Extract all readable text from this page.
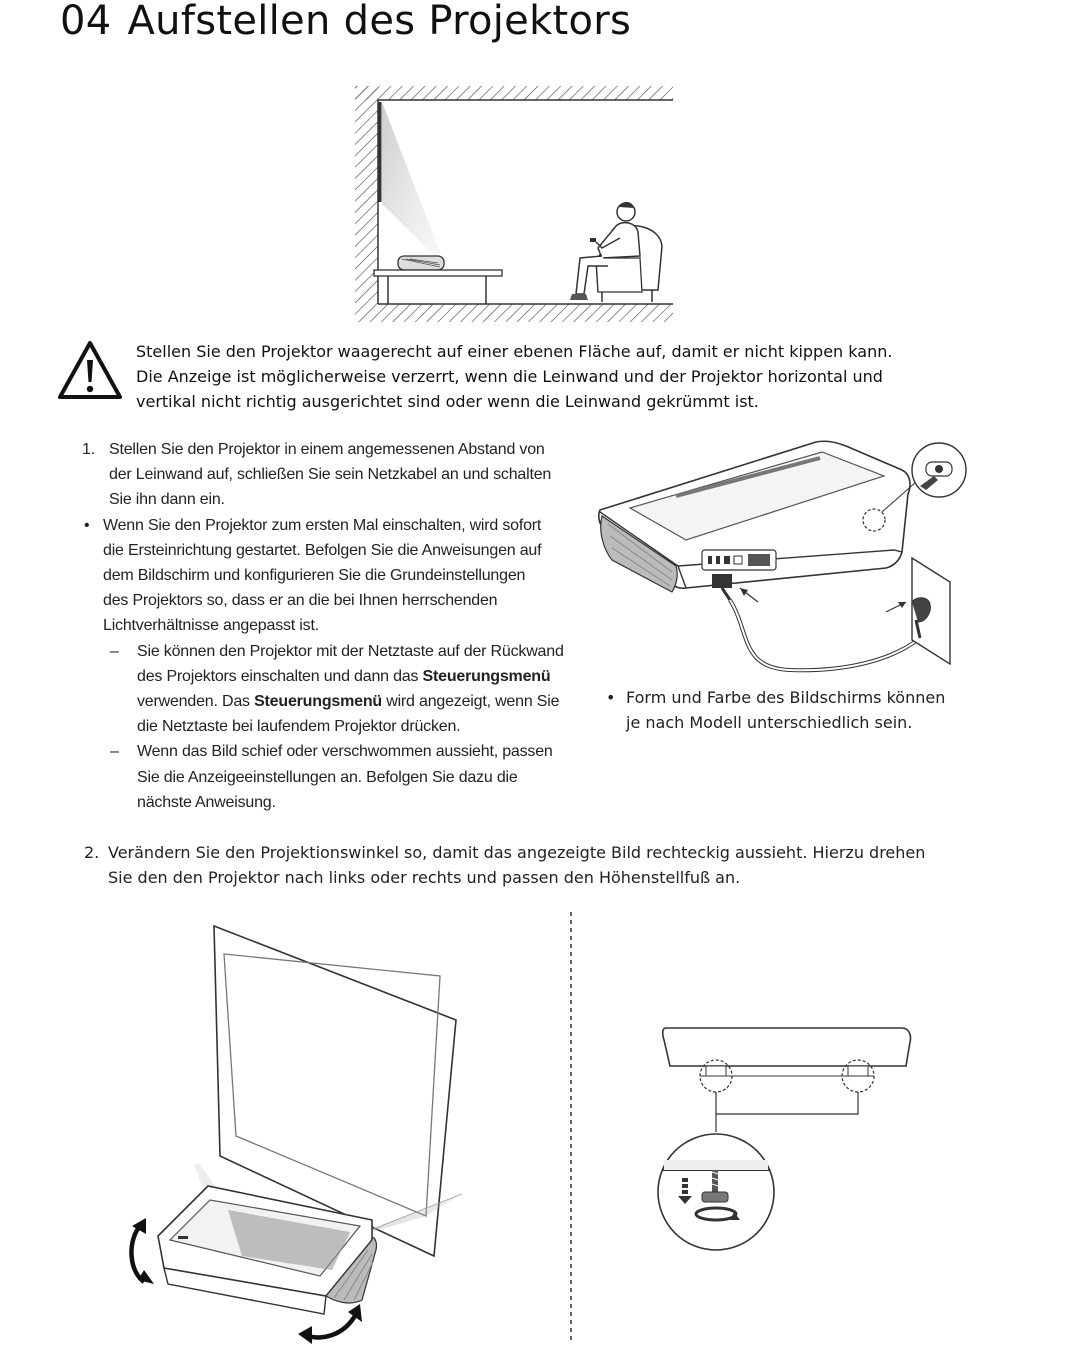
04 Aufstellen des Projektors
Stellen Sie den Projektor waagerecht auf einer ebenen Fläche auf, damit er nicht kippen kann.
Die Anzeige ist möglicherweise verzerrt, wenn die Leinwand und der Projektor horizontal und
vertikal nicht richtig ausgerichtet sind oder wenn die Leinwand gekrümmt ist.
1. Stellen Sie den Projektor in einem angemessenen Abstand von
der Leinwand auf, schließen Sie sein Netzkabel an und schalten
Sie ihn dann ein.
• Wenn Sie den Projektor zum ersten Mal einschalten, wird sofort
die Ersteinrichtung gestartet. Befolgen Sie die Anweisungen auf
dem Bildschirm und konfigurieren Sie die Grundeinstellungen
des Projektors so, dass er an die bei Ihnen herrschenden
Lichtverhältnisse angepasst ist.
– Sie können den Projektor mit der Netztaste auf der Rückwand
des Projektors einschalten und dann das Steuerungsmenü
verwenden. Das Steuerungsmenü wird angezeigt, wenn Sie
die Netztaste bei laufendem Projektor drücken.
– Wenn das Bild schief oder verschwommen aussieht, passen
Sie die Anzeigeeinstellungen an. Befolgen Sie dazu die
nächste Anweisung.
• Form und Farbe des Bildschirms können
je nach Modell unterschiedlich sein.
2. Verändern Sie den Projektionswinkel so, damit das angezeigte Bild rechteckig aussieht. Hierzu drehen
Sie den den Projektor nach links oder rechts und passen den Höhenstellfuß an.
